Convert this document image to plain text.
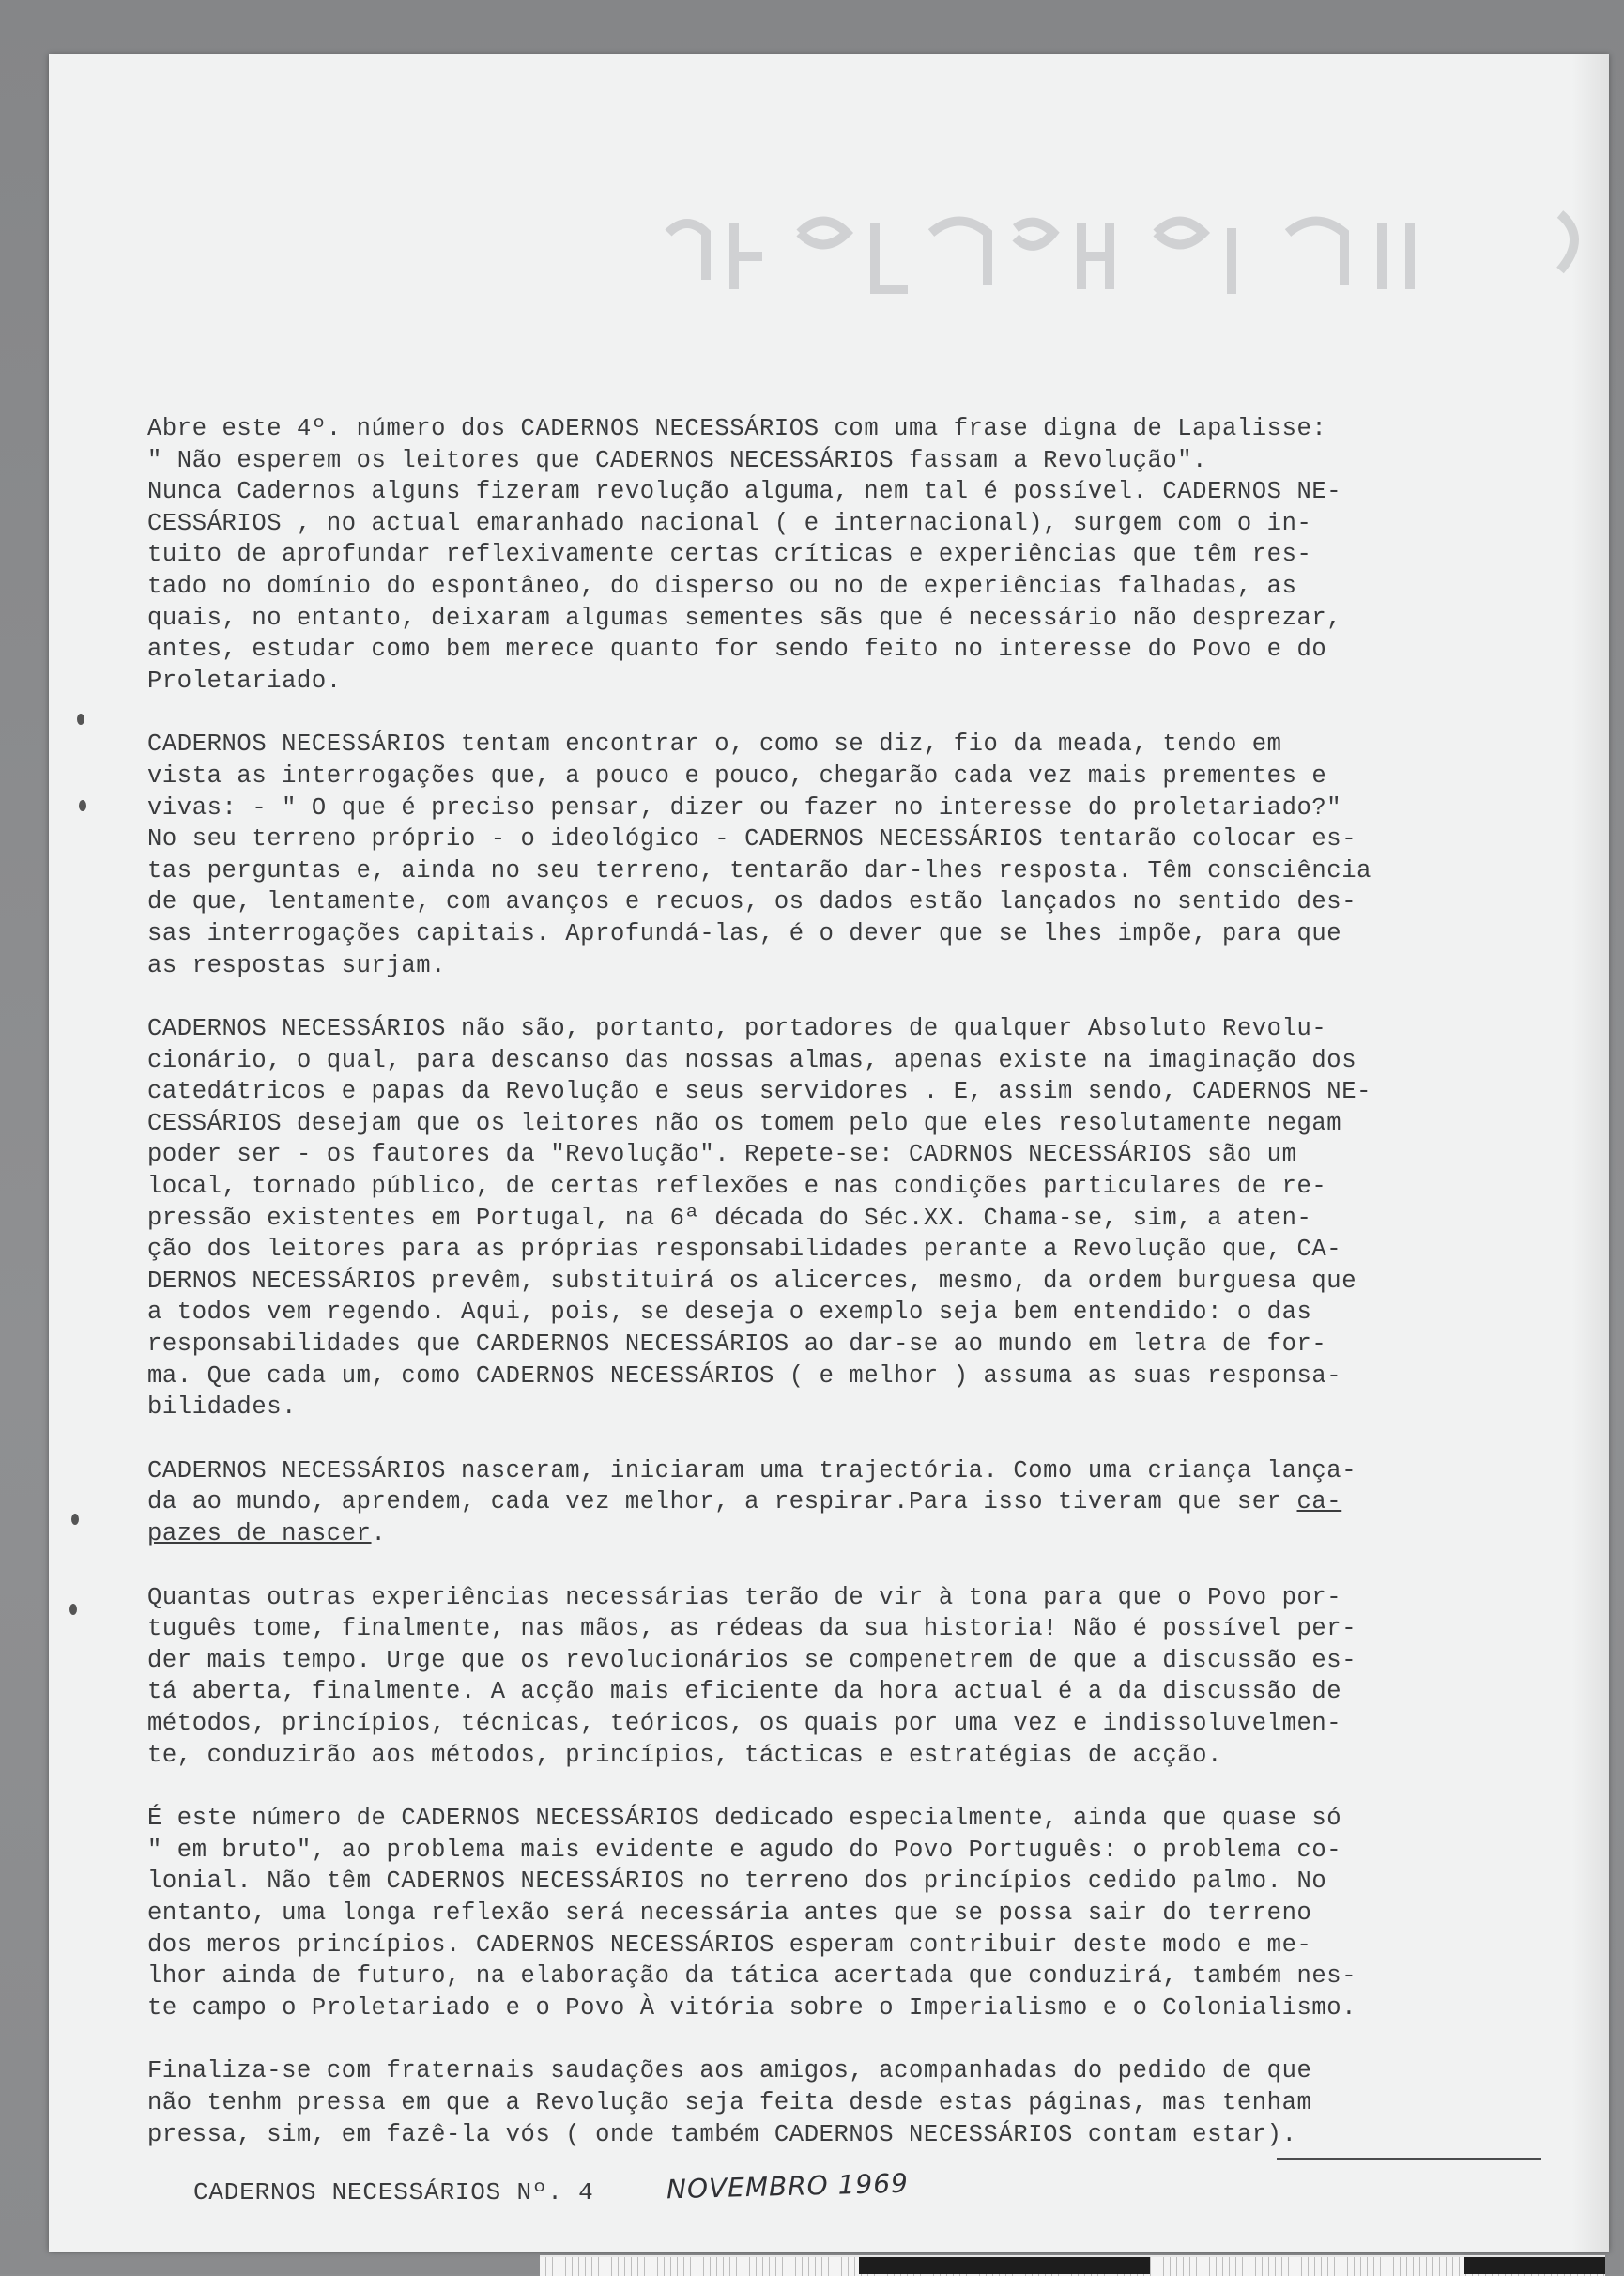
Abre este 4º. número dos CADERNOS NECESSÁRIOS com uma frase digna de Lapalisse:
" Não esperem os leitores que CADERNOS NECESSÁRIOS fassam a Revolução".
Nunca Cadernos alguns fizeram revolução alguma, nem tal é possível. CADERNOS NE-
CESSÁRIOS , no actual emaranhado nacional ( e internacional), surgem com o in-
tuito de aprofundar reflexivamente certas críticas e experiências que têm res-
tado no domínio do espontâneo, do disperso ou no de experiências falhadas, as
quais, no entanto, deixaram algumas sementes sãs que é necessário não desprezar,
antes, estudar como bem merece quanto for sendo feito no interesse do Povo e do
Proletariado.

CADERNOS NECESSÁRIOS tentam encontrar o, como se diz, fio da meada, tendo em
vista as interrogações que, a pouco e pouco, chegarão cada vez mais prementes e
vivas: - " O que é preciso pensar, dizer ou fazer no interesse do proletariado?"
No seu terreno próprio - o ideológico - CADERNOS NECESSÁRIOS tentarão colocar es-
tas perguntas e, ainda no seu terreno, tentarão dar-lhes resposta. Têm consciência
de que, lentamente, com avanços e recuos, os dados estão lançados no sentido des-
sas interrogações capitais. Aprofundá-las, é o dever que se lhes impõe, para que
as respostas surjam.

CADERNOS NECESSÁRIOS não são, portanto, portadores de qualquer Absoluto Revolu-
cionário, o qual, para descanso das nossas almas, apenas existe na imaginação dos
catedátricos e papas da Revolução e seus servidores . E, assim sendo, CADERNOS NE-
CESSÁRIOS desejam que os leitores não os tomem pelo que eles resolutamente negam
poder ser - os fautores da "Revolução". Repete-se: CADRNOS NECESSÁRIOS são um
local, tornado público, de certas reflexões e nas condições particulares de re-
pressão existentes em Portugal, na 6ª década do Séc.XX. Chama-se, sim, a aten-
ção dos leitores para as próprias responsabilidades perante a Revolução que, CA-
DERNOS NECESSÁRIOS prevêm, substituirá os alicerces, mesmo, da ordem burguesa que
a todos vem regendo. Aqui, pois, se deseja o exemplo seja bem entendido: o das
responsabilidades que CARDERNOS NECESSÁRIOS ao dar-se ao mundo em letra de for-
ma. Que cada um, como CADERNOS NECESSÁRIOS ( e melhor ) assuma as suas responsa-
bilidades.

CADERNOS NECESSÁRIOS nasceram, iniciaram uma trajectória. Como uma criança lança-
da ao mundo, aprendem, cada vez melhor, a respirar.Para isso tiveram que ser ca-
pazes de nascer.

Quantas outras experiências necessárias terão de vir à tona para que o Povo por-
tuguês tome, finalmente, nas mãos, as rédeas da sua historia! Não é possível per-
der mais tempo. Urge que os revolucionários se compenetrem de que a discussão es-
tá aberta, finalmente. A acção mais eficiente da hora actual é a da discussão de
métodos, princípios, técnicas, teóricos, os quais por uma vez e indissoluvelmen-
te, conduzirão aos métodos, princípios, tácticas e estratégias de acção.

É este número de CADERNOS NECESSÁRIOS dedicado especialmente, ainda que quase só
" em bruto", ao problema mais evidente e agudo do Povo Português: o problema co-
lonial. Não têm CADERNOS NECESSÁRIOS no terreno dos princípios cedido palmo. No
entanto, uma longa reflexão será necessária antes que se possa sair do terreno
dos meros princípios. CADERNOS NECESSÁRIOS esperam contribuir deste modo e me-
lhor ainda de futuro, na elaboração da tática acertada que conduzirá, também nes-
te campo o Proletariado e o Povo À vitória sobre o Imperialismo e o Colonialismo.

Finaliza-se com fraternais saudações aos amigos, acompanhadas do pedido de que
não tenhm pressa em que a Revolução seja feita desde estas páginas, mas tenham
pressa, sim, em fazê-la vós ( onde também CADERNOS NECESSÁRIOS contam estar).

CADERNOS NECESSÁRIOS Nº. 4	NOVEMBRO 1969
